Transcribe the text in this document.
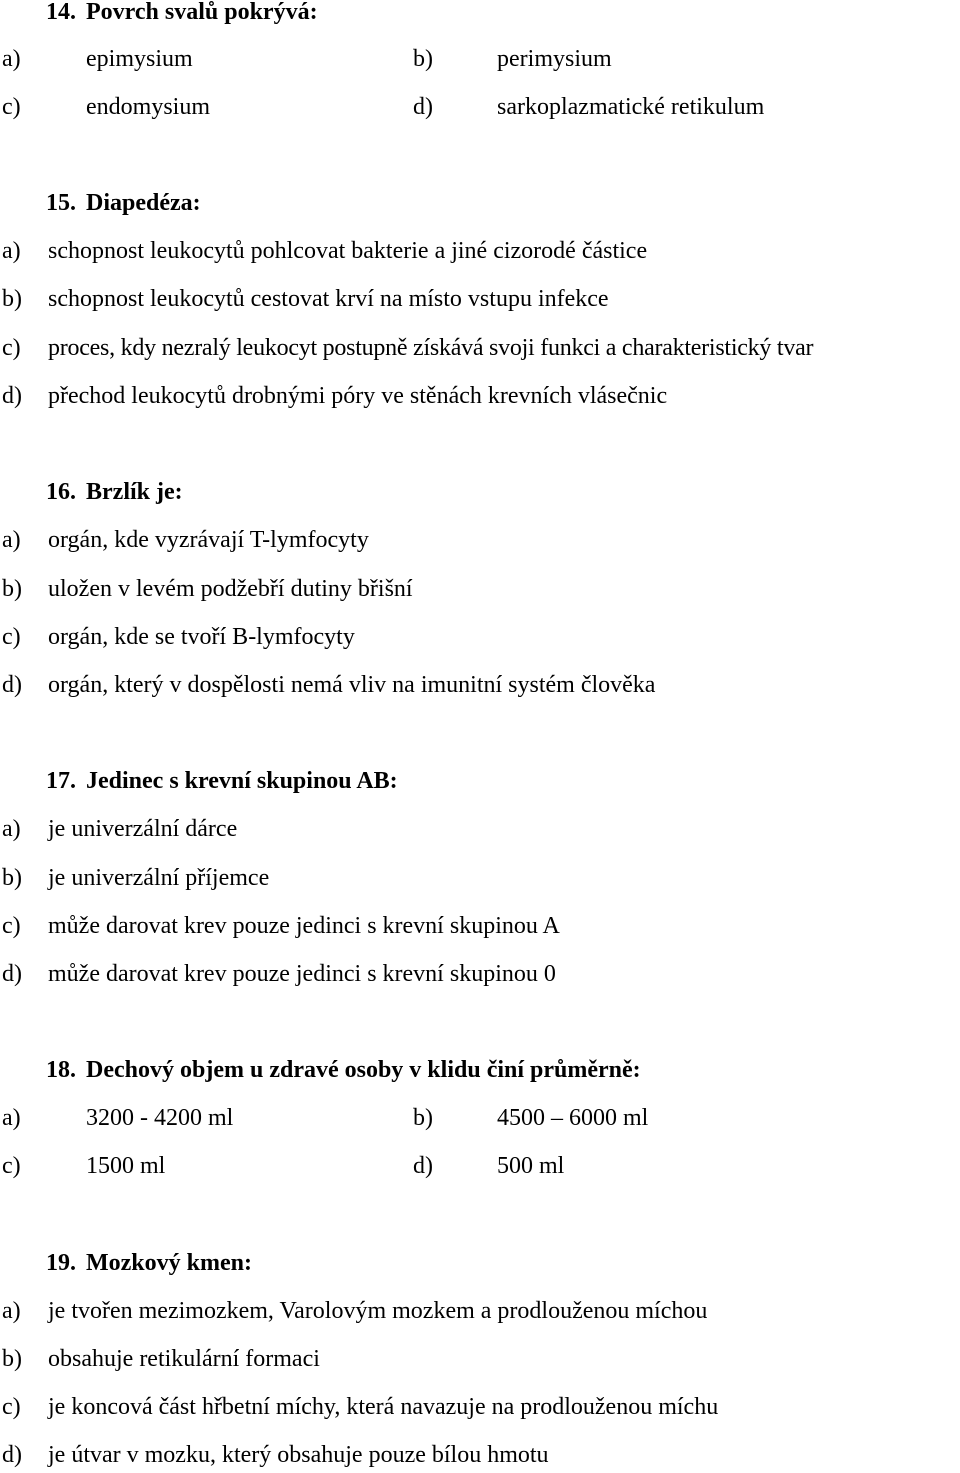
14. Povrch svalů pokrývá:
a)	epimysium	b)	perimysium
c)	endomysium	d)	sarkoplazmatické retikulum
15. Diapedéza:
a) schopnost leukocytů pohlcovat bakterie a jiné cizorodé částice
b) schopnost leukocytů cestovat krví na místo vstupu infekce
c) proces, kdy nezralý leukocyt postupně získává svoji funkci a charakteristický tvar
d) přechod leukocytů drobnými póry ve stěnách krevních vlásečnic
16. Brzlík je:
a) orgán, kde vyzrávají T-lymfocyty
b) uložen v levém podžebří dutiny břišní
c) orgán, kde se tvoří B-lymfocyty
d) orgán, který v dospělosti nemá vliv na imunitní systém člověka
17. Jedinec s krevní skupinou AB:
a) je univerzální dárce
b) je univerzální příjemce
c) může darovat krev pouze jedinci s krevní skupinou A
d) může darovat krev pouze jedinci s krevní skupinou 0
18. Dechový objem u zdravé osoby v klidu činí průměrně:
a)	3200 - 4200 ml	b)	4500 – 6000 ml
c)	1500 ml	d)	500 ml
19. Mozkový kmen:
a) je tvořen mezimozkem, Varolovým mozkem a prodlouženou míchou
b) obsahuje retikulární formaci
c) je koncová část hřbetní míchy, která navazuje na prodlouženou míchu
d) je útvar v mozku, který obsahuje pouze bílou hmotu
